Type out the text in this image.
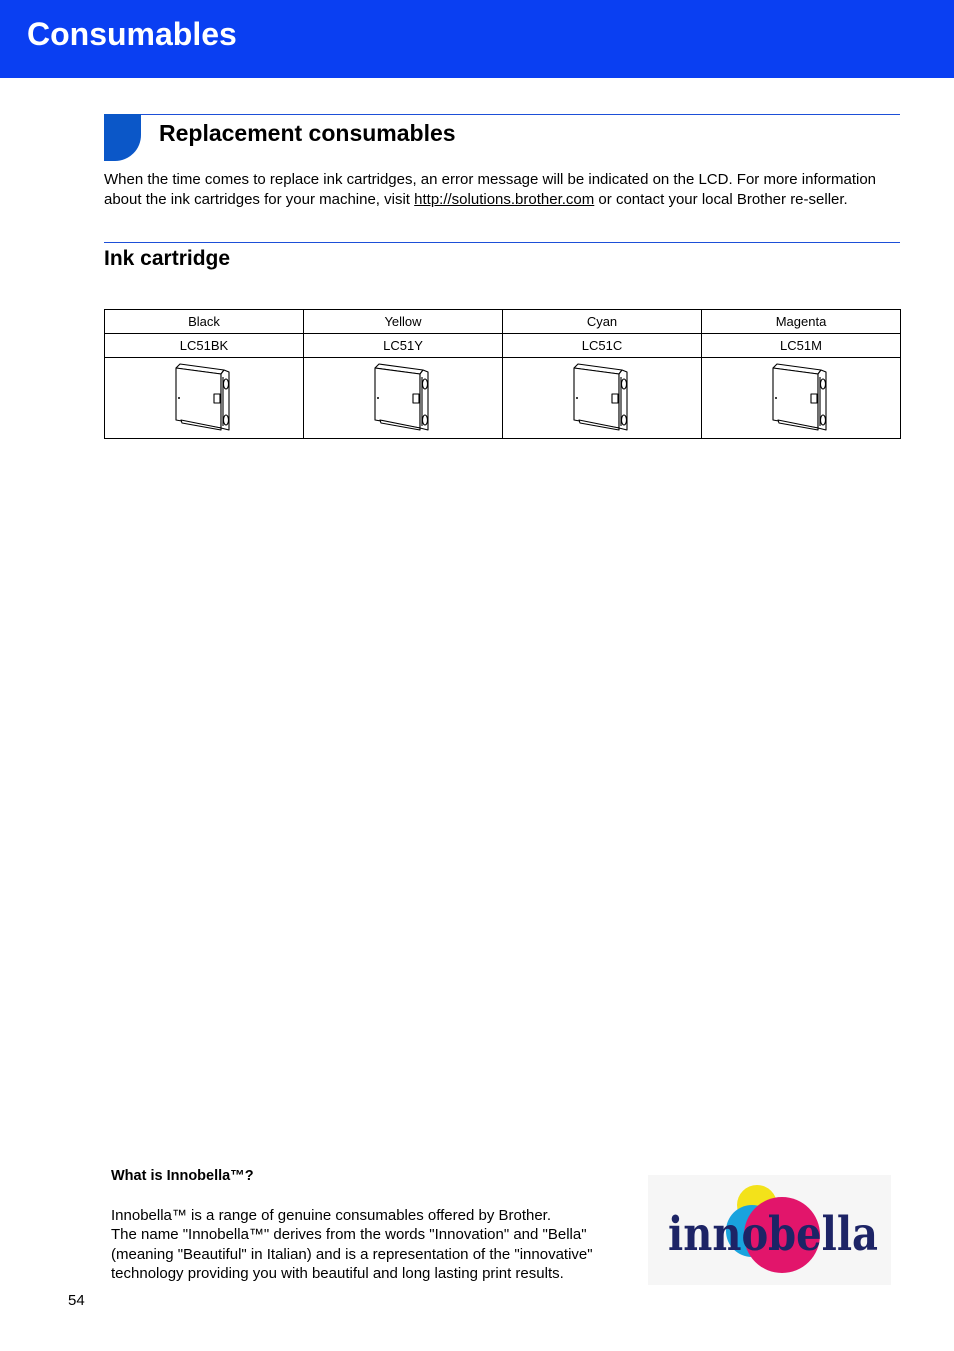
Consumables
Replacement consumables

When the time comes to replace ink cartridges, an error message will be indicated on the LCD. For more information about the ink cartridges for your machine, visit http://solutions.brother.com or contact your local Brother re-seller.

Ink cartridge
Black	Yellow	Cyan	Magenta
LC51BK	LC51Y	LC51C	LC51M

What is Innobella™?

Innobella™ is a range of genuine consumables offered by Brother.
The name "Innobella™" derives from the words "Innovation" and "Bella"
(meaning "Beautiful" in Italian) and is a representation of the "innovative"
technology providing you with beautiful and long lasting print results.

innobella
54
